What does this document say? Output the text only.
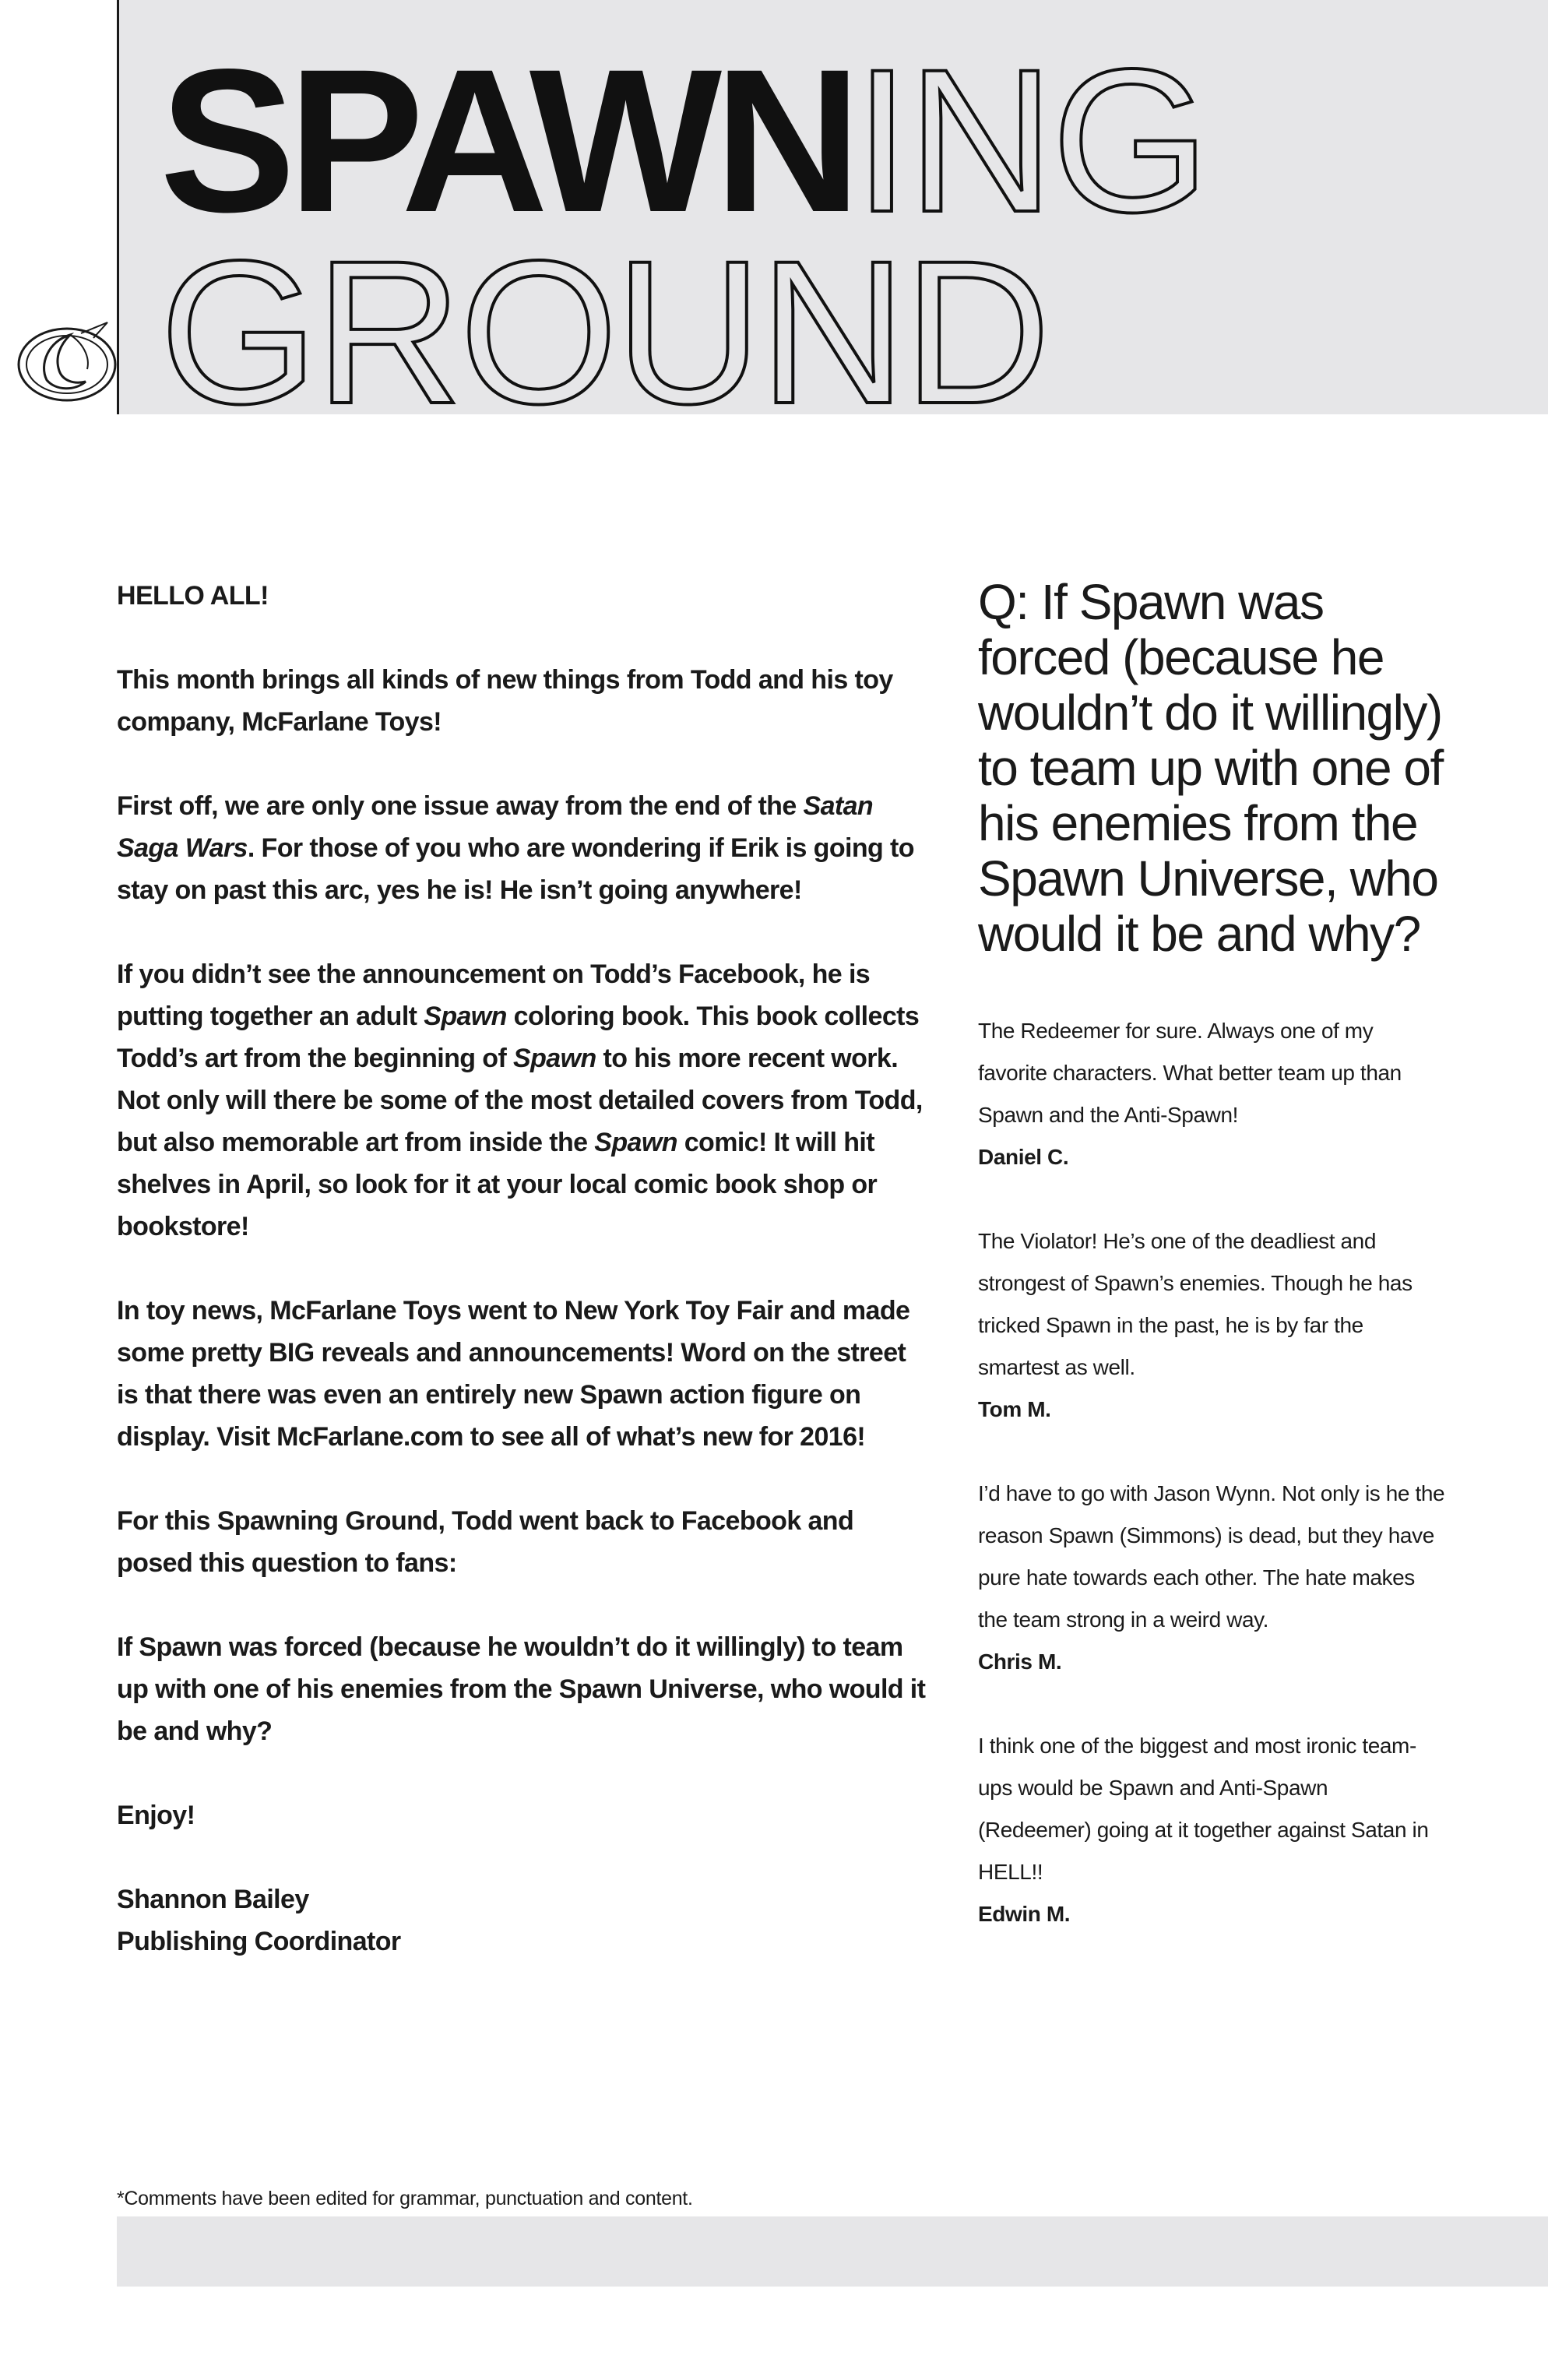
SPAWNING
GROUND

HELLO ALL!

This month brings all kinds of new things from Todd and his toy company, McFarlane Toys!

First off, we are only one issue away from the end of the Satan Saga Wars. For those of you who are wondering if Erik is going to stay on past this arc, yes he is! He isn’t going anywhere!

If you didn’t see the announcement on Todd’s Facebook, he is putting together an adult Spawn coloring book. This book collects Todd’s art from the beginning of Spawn to his more recent work. Not only will there be some of the most detailed covers from Todd, but also memorable art from inside the Spawn comic! It will hit shelves in April, so look for it at your local comic book shop or bookstore!

In toy news, McFarlane Toys went to New York Toy Fair and made some pretty BIG reveals and announcements! Word on the street is that there was even an entirely new Spawn action figure on display. Visit McFarlane.com to see all of what’s new for 2016!

For this Spawning Ground, Todd went back to Facebook and posed this question to fans:

If Spawn was forced (because he wouldn’t do it willingly) to team up with one of his enemies from the Spawn Universe, who would it be and why?

Enjoy!

Shannon Bailey

Publishing Coordinator

Q: If Spawn was forced (because he wouldn’t do it willingly) to team up with one of his enemies from the Spawn Universe, who would it be and why?

The Redeemer for sure. Always one of my favorite characters. What better team up than Spawn and the Anti-Spawn!

Daniel C.

The Violator! He’s one of the deadliest and strongest of Spawn’s enemies. Though he has tricked Spawn in the past, he is by far the smartest as well.

Tom M.

I’d have to go with Jason Wynn. Not only is he the reason Spawn (Simmons) is dead, but they have pure hate towards each other. The hate makes the team strong in a weird way.

Chris M.

I think one of the biggest and most ironic team-ups would be Spawn and Anti-Spawn (Redeemer) going at it together against Satan in HELL!!

Edwin M.

*Comments have been edited for grammar, punctuation and content.
